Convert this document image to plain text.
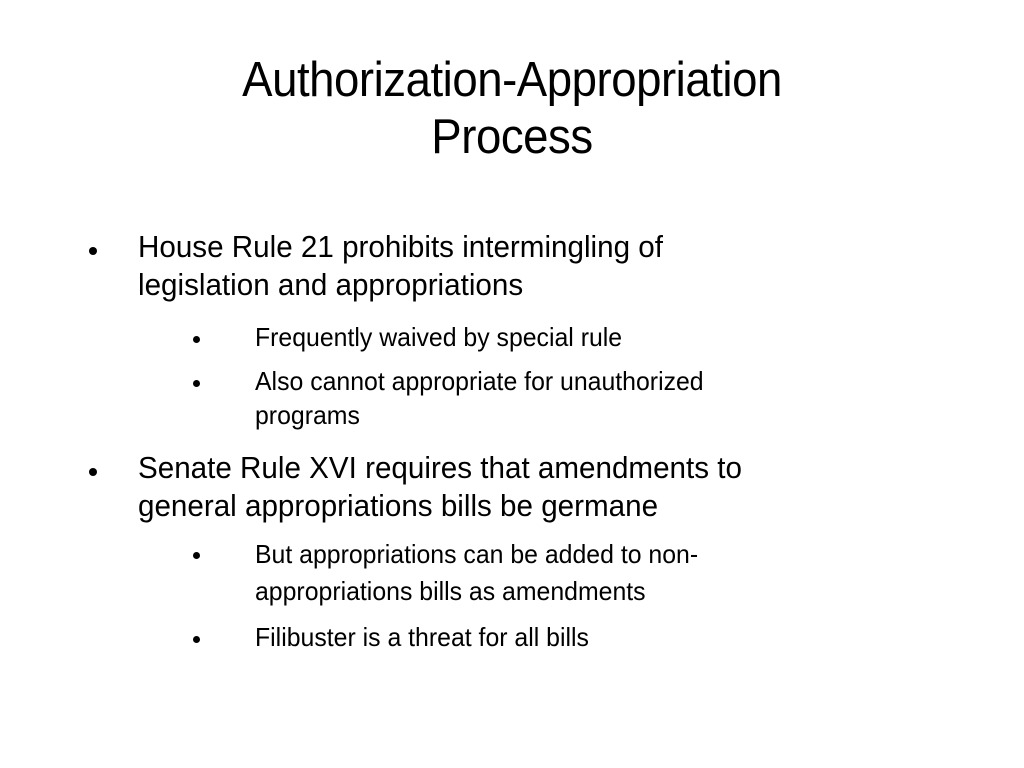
Authorization-Appropriation
Process
House Rule 21 prohibits intermingling of
legislation and appropriations
Frequently waived by special rule
Also cannot appropriate for unauthorized
programs
Senate Rule XVI requires that amendments to
general appropriations bills be germane
But appropriations can be added to non-
appropriations bills as amendments
Filibuster is a threat for all bills
